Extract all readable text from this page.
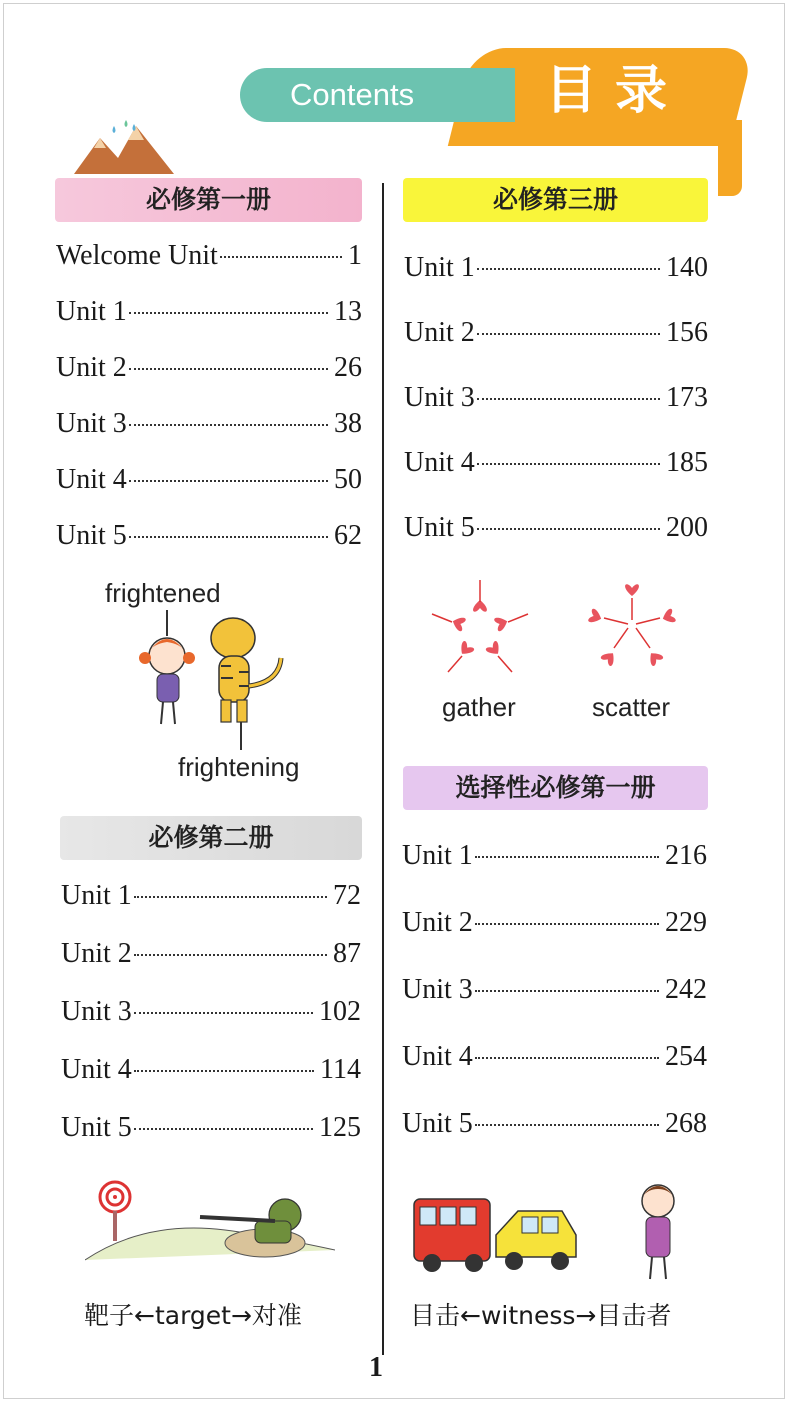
Contents	目录
必修第一册
Welcome Unit	1
Unit 1	13
Unit 2	26
Unit 3	38
Unit 4	50
Unit 5	62
frightened
frightening
必修第二册
Unit 1	72
Unit 2	87
Unit 3	102
Unit 4	114
Unit 5	125
靶子←target→对准
必修第三册
Unit 1	140
Unit 2	156
Unit 3	173
Unit 4	185
Unit 5	200
gather	scatter
选择性必修第一册
Unit 1	216
Unit 2	229
Unit 3	242
Unit 4	254
Unit 5	268
目击←witness→目击者
1
